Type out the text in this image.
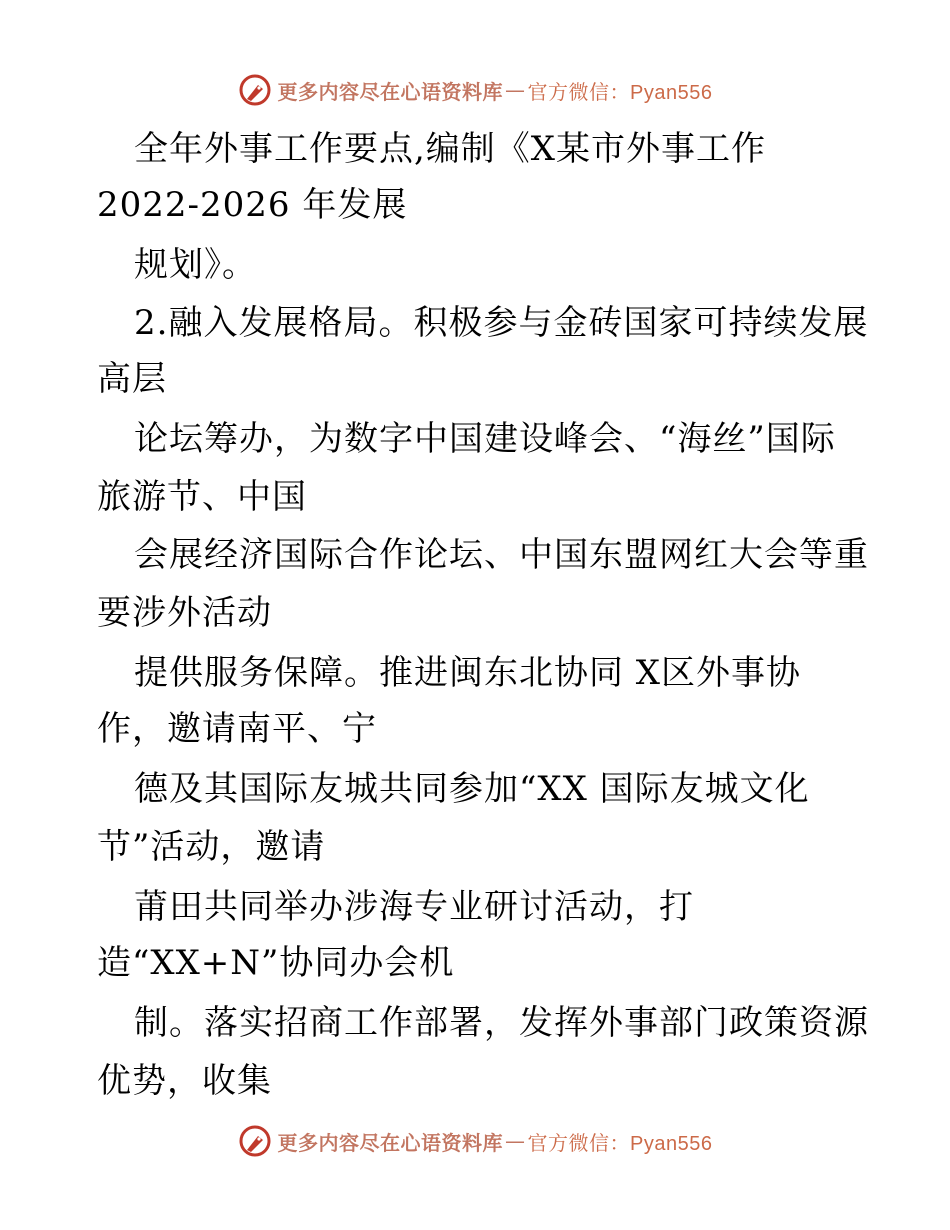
更多内容尽在心语资料库 — 官方微信：Pyan556
全年外事工作要点,编制《X某市外事工作
2022-2026 年发展
规划》。
2.融入发展格局。积极参与金砖国家可持续发展
高层
论坛筹办，为数字中国建设峰会、“海丝”国际
旅游节、中国
会展经济国际合作论坛、中国东盟网红大会等重
要涉外活动
提供服务保障。推进闽东北协同 X区外事协
作，邀请南平、宁
德及其国际友城共同参加“XX 国际友城文化
节”活动，邀请
莆田共同举办涉海专业研讨活动，打
造“XX+N”协同办会机
制。落实招商工作部署，发挥外事部门政策资源
优势，收集
更多内容尽在心语资料库 — 官方微信：Pyan556
